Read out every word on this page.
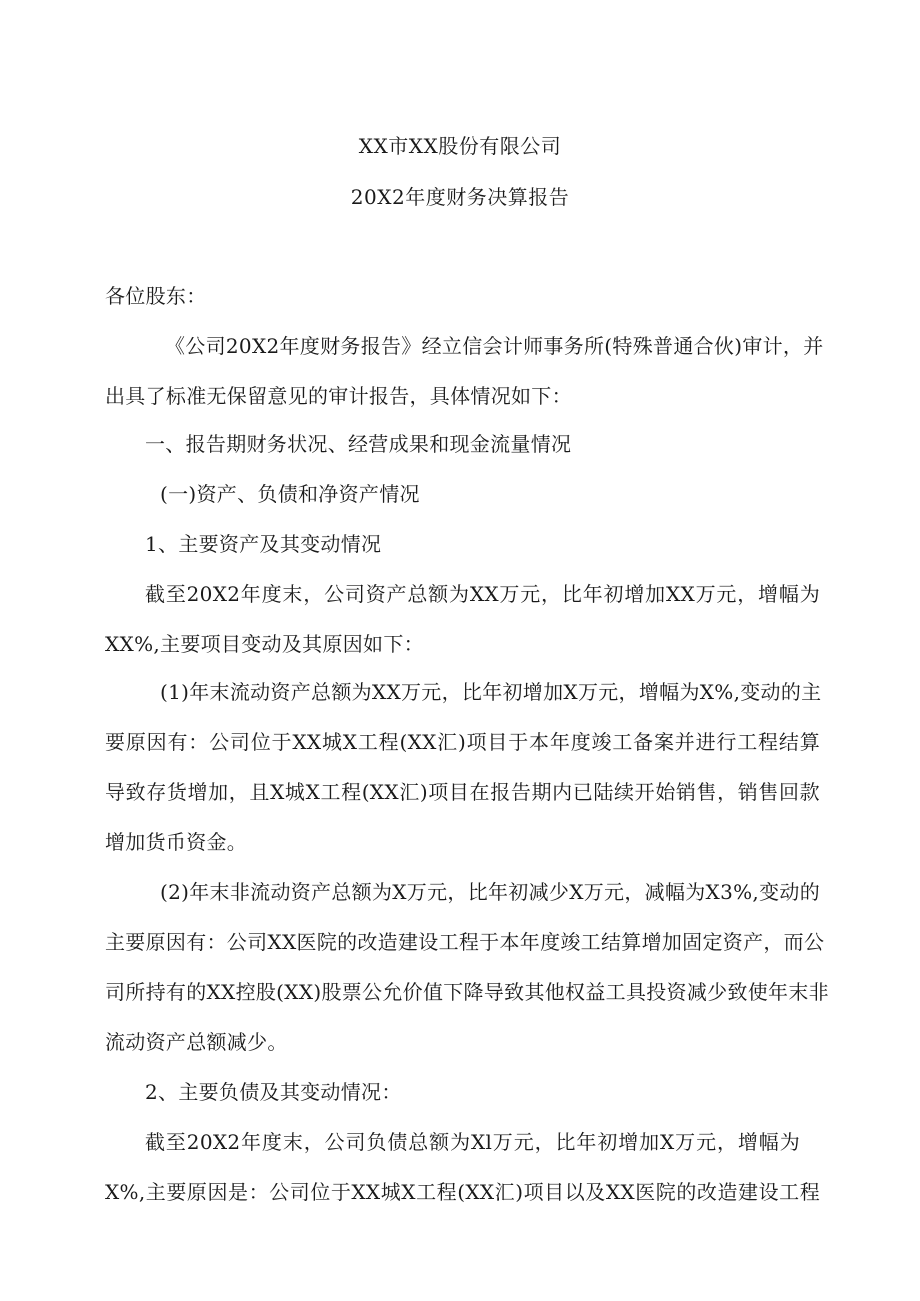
XX市XX股份有限公司
20X2年度财务决算报告
各位股东：
《公司20X2年度财务报告》经立信会计师事务所(特殊普通合伙)审计，并
出具了标准无保留意见的审计报告，具体情况如下：
一、报告期财务状况、经营成果和现金流量情况
(一)资产、负债和净资产情况
1、主要资产及其变动情况
截至20X2年度末，公司资产总额为XX万元，比年初增加XX万元，增幅为
XX%,主要项目变动及其原因如下：
(1)年末流动资产总额为XX万元，比年初增加X万元，增幅为X%,变动的主
要原因有：公司位于XX城X工程(XX汇)项目于本年度竣工备案并进行工程结算
导致存货增加，且X城X工程(XX汇)项目在报告期内已陆续开始销售，销售回款
增加货币资金。
(2)年末非流动资产总额为X万元，比年初减少X万元，减幅为X3%,变动的
主要原因有：公司XX医院的改造建设工程于本年度竣工结算增加固定资产，而公
司所持有的XX控股(XX)股票公允价值下降导致其他权益工具投资减少致使年末非
流动资产总额减少。
2、主要负债及其变动情况：
截至20X2年度末，公司负债总额为Xl万元，比年初增加X万元，增幅为
X%,主要原因是：公司位于XX城X工程(XX汇)项目以及XX医院的改造建设工程
